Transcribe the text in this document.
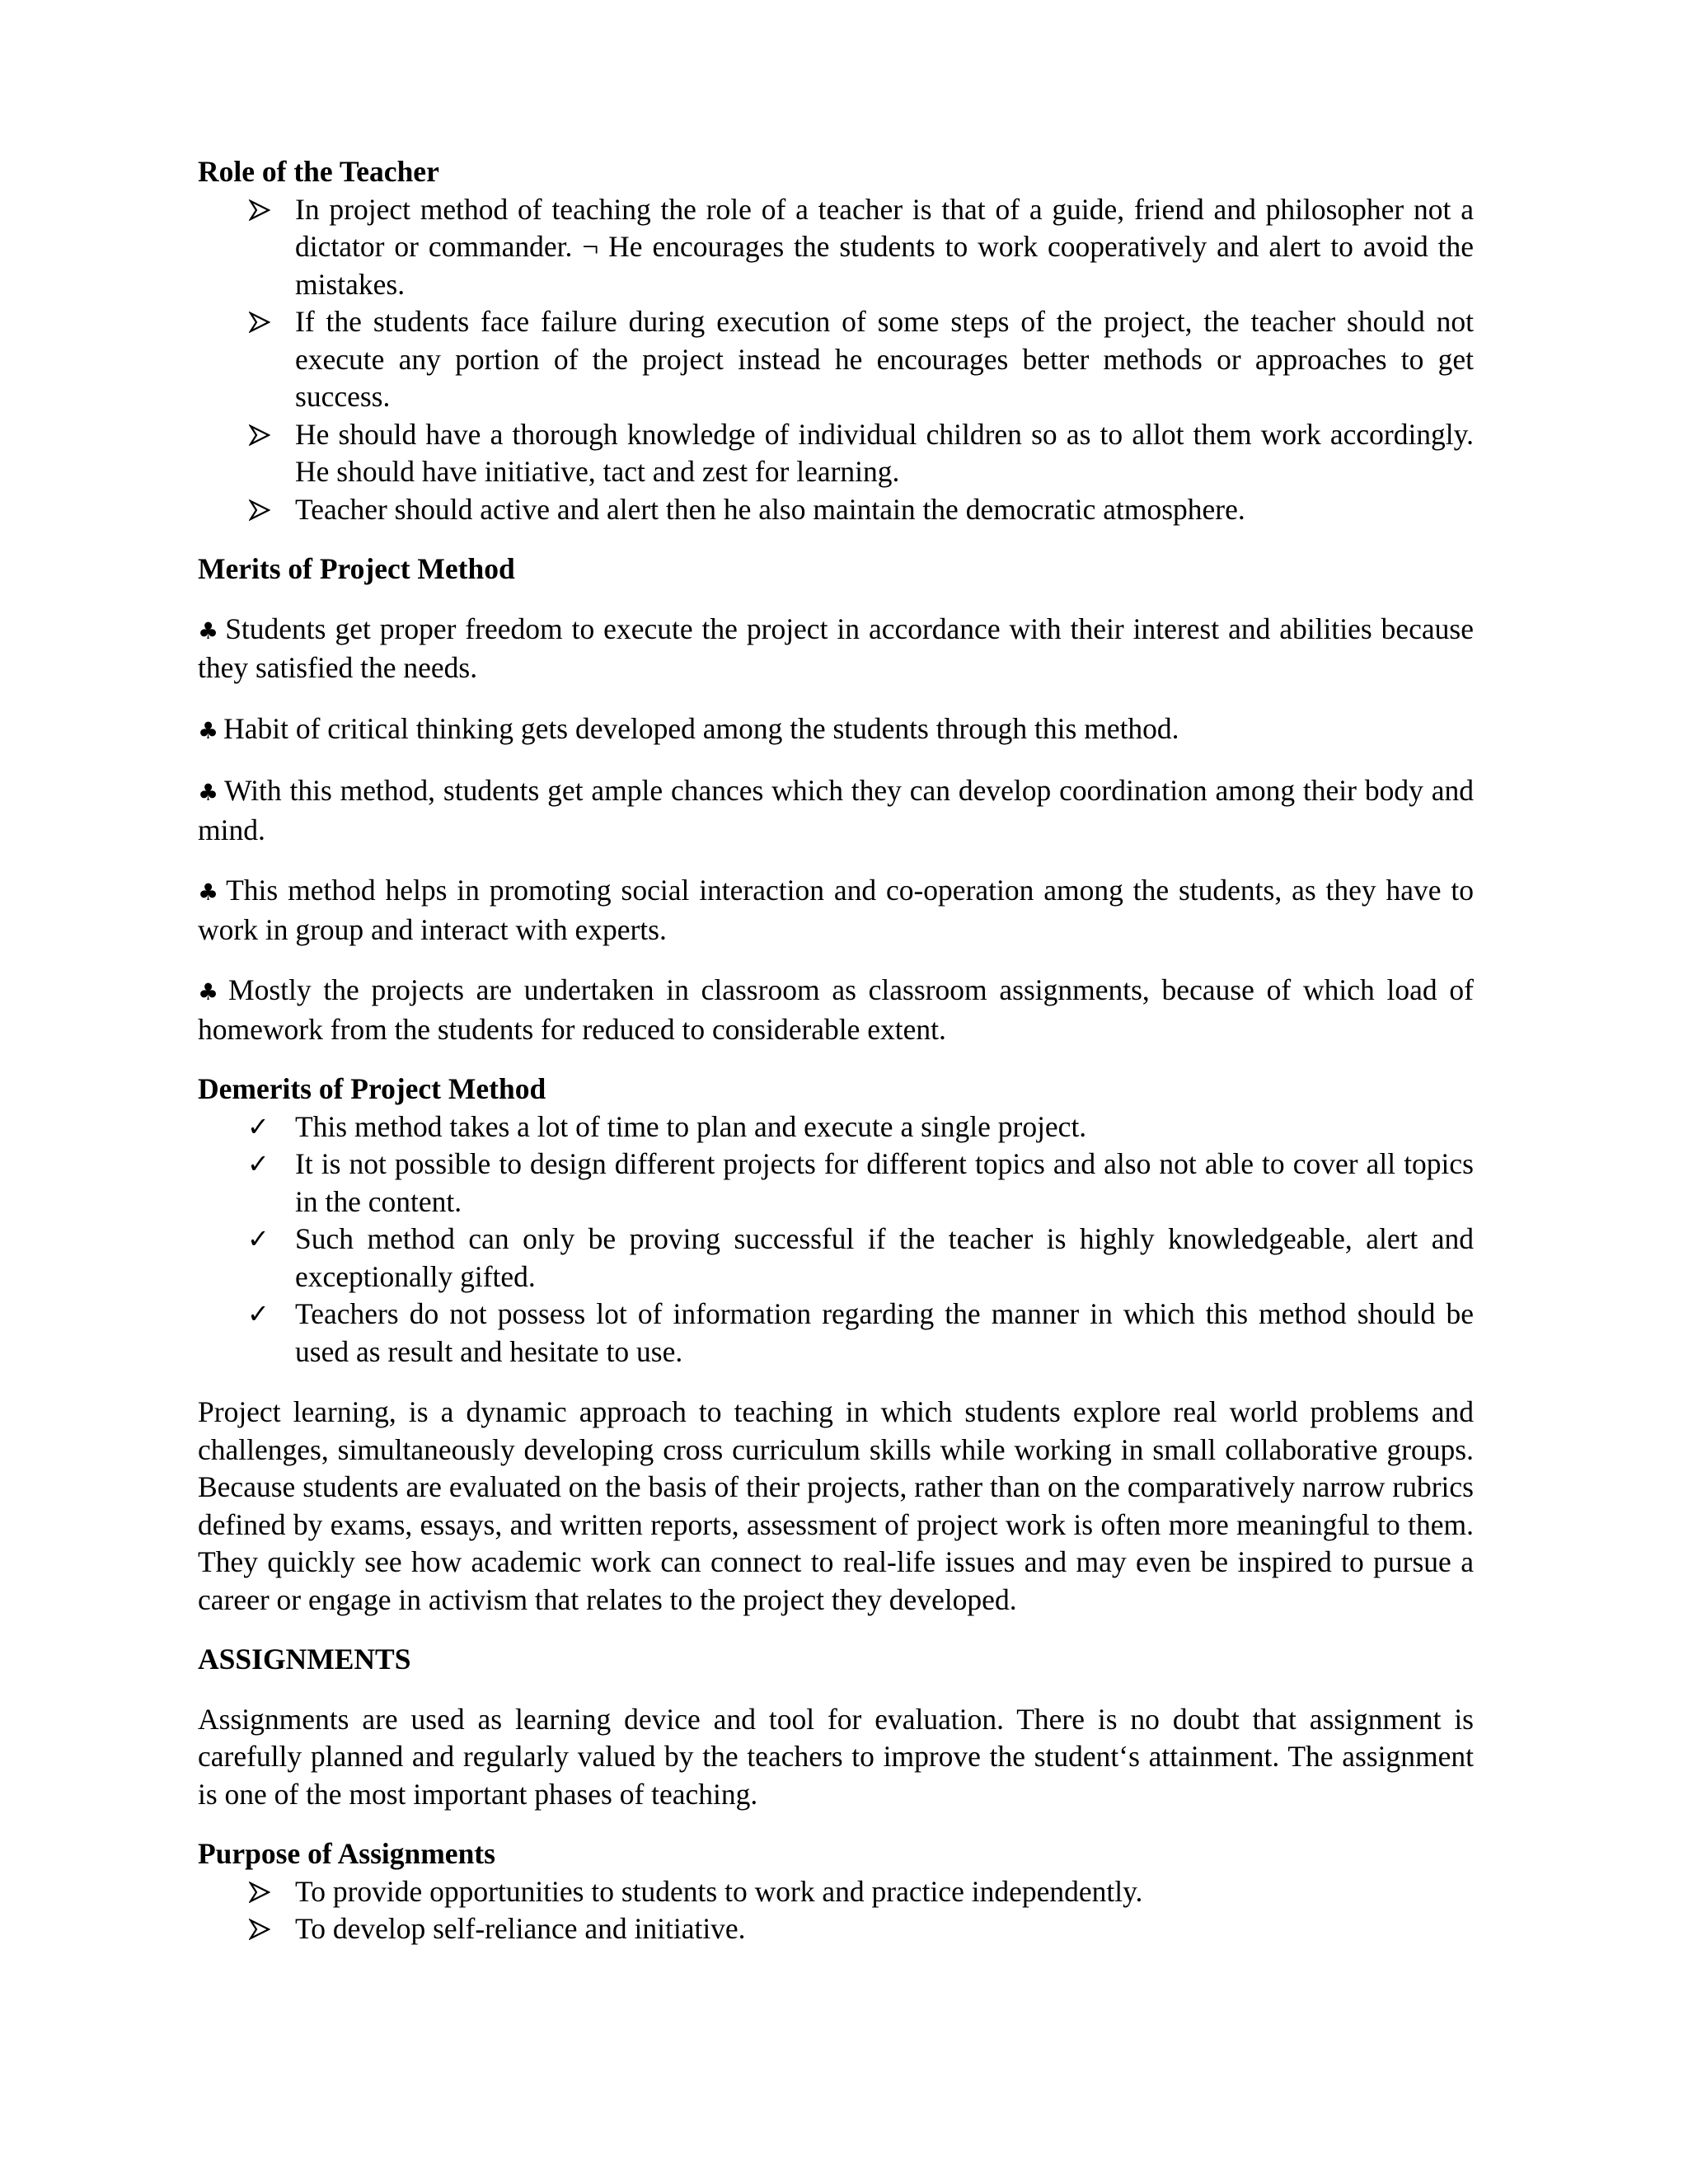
Role of the Teacher

In project method of teaching the role of a teacher is that of a guide, friend and philosopher not a dictator or commander. ¬ He encourages the students to work cooperatively and alert to avoid the mistakes.
If the students face failure during execution of some steps of the project, the teacher should not execute any portion of the project instead he encourages better methods or approaches to get success.
He should have a thorough knowledge of individual children so as to allot them work accordingly. He should have initiative, tact and zest for learning.
Teacher should active and alert then he also maintain the democratic atmosphere.

Merits of Project Method

♣ Students get proper freedom to execute the project in accordance with their interest and abilities because they satisfied the needs.

♣ Habit of critical thinking gets developed among the students through this method.

♣ With this method, students get ample chances which they can develop coordination among their body and mind.

♣ This method helps in promoting social interaction and co-operation among the students, as they have to work in group and interact with experts.

♣ Mostly the projects are undertaken in classroom as classroom assignments, because of which load of homework from the students for reduced to considerable extent.

Demerits of Project Method

✓ This method takes a lot of time to plan and execute a single project.
✓ It is not possible to design different projects for different topics and also not able to cover all topics in the content.
✓ Such method can only be proving successful if the teacher is highly knowledgeable, alert and exceptionally gifted.
✓ Teachers do not possess lot of information regarding the manner in which this method should be used as result and hesitate to use.

Project learning, is a dynamic approach to teaching in which students explore real world problems and challenges, simultaneously developing cross curriculum skills while working in small collaborative groups. Because students are evaluated on the basis of their projects, rather than on the comparatively narrow rubrics defined by exams, essays, and written reports, assessment of project work is often more meaningful to them. They quickly see how academic work can connect to real-life issues and may even be inspired to pursue a career or engage in activism that relates to the project they developed.

ASSIGNMENTS

Assignments are used as learning device and tool for evaluation. There is no doubt that assignment is carefully planned and regularly valued by the teachers to improve the student‘s attainment. The assignment is one of the most important phases of teaching.

Purpose of Assignments

To provide opportunities to students to work and practice independently.
To develop self-reliance and initiative.
